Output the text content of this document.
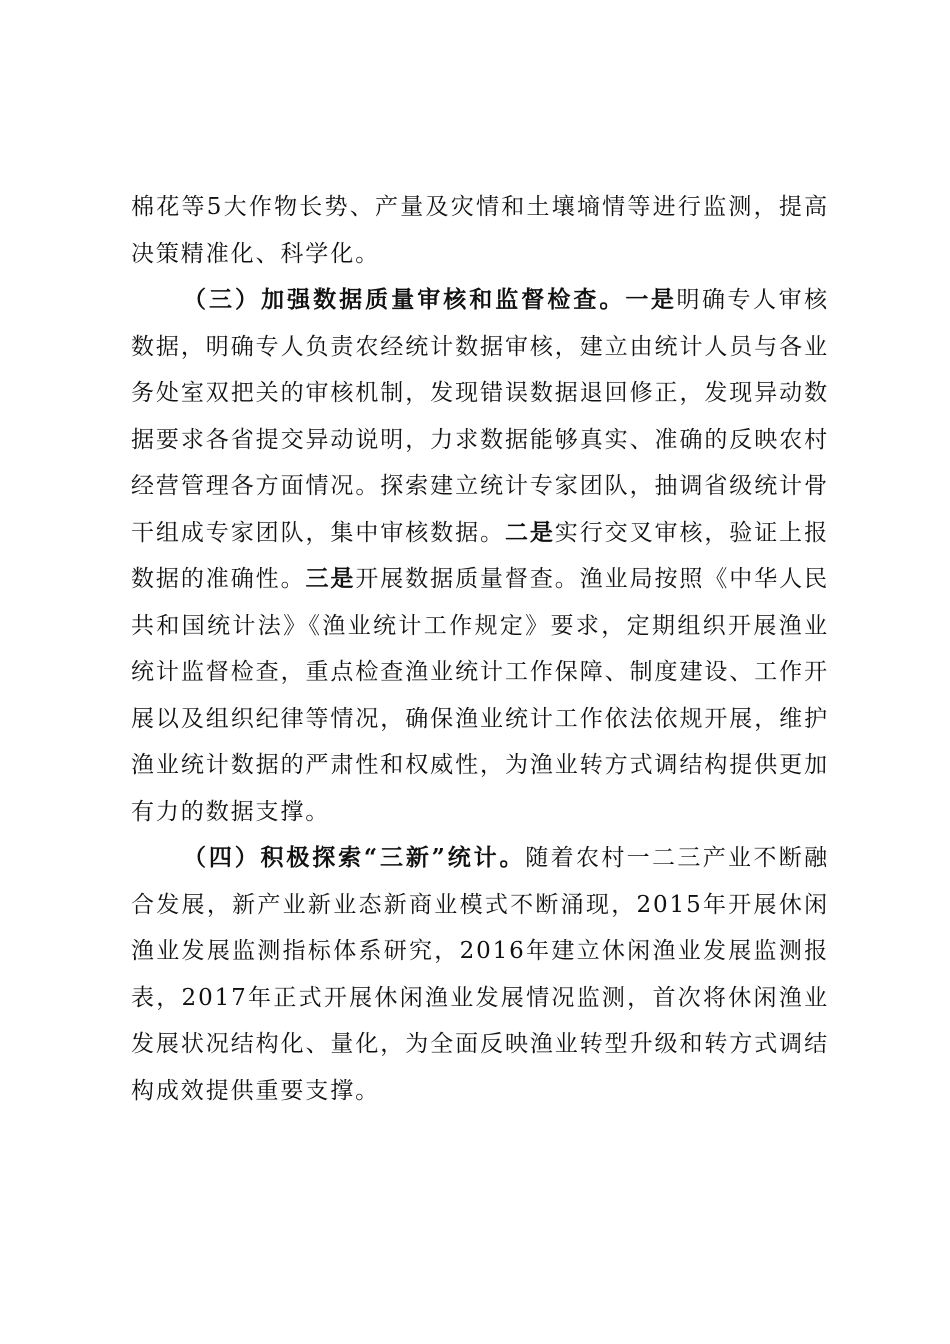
棉花等5大作物长势、产量及灾情和土壤墒情等进行监测，提高决策精准化、科学化。

（三）加强数据质量审核和监督检查。一是明确专人审核数据，明确专人负责农经统计数据审核，建立由统计人员与各业务处室双把关的审核机制，发现错误数据退回修正，发现异动数据要求各省提交异动说明，力求数据能够真实、准确的反映农村经营管理各方面情况。探索建立统计专家团队，抽调省级统计骨干组成专家团队，集中审核数据。二是实行交叉审核，验证上报数据的准确性。三是开展数据质量督查。渔业局按照《中华人民共和国统计法》《渔业统计工作规定》要求，定期组织开展渔业统计监督检查，重点检查渔业统计工作保障、制度建设、工作开展以及组织纪律等情况，确保渔业统计工作依法依规开展，维护渔业统计数据的严肃性和权威性，为渔业转方式调结构提供更加有力的数据支撑。

（四）积极探索“三新”统计。随着农村一二三产业不断融合发展，新产业新业态新商业模式不断涌现，2015年开展休闲渔业发展监测指标体系研究，2016年建立休闲渔业发展监测报表，2017年正式开展休闲渔业发展情况监测，首次将休闲渔业发展状况结构化、量化，为全面反映渔业转型升级和转方式调结构成效提供重要支撑。
